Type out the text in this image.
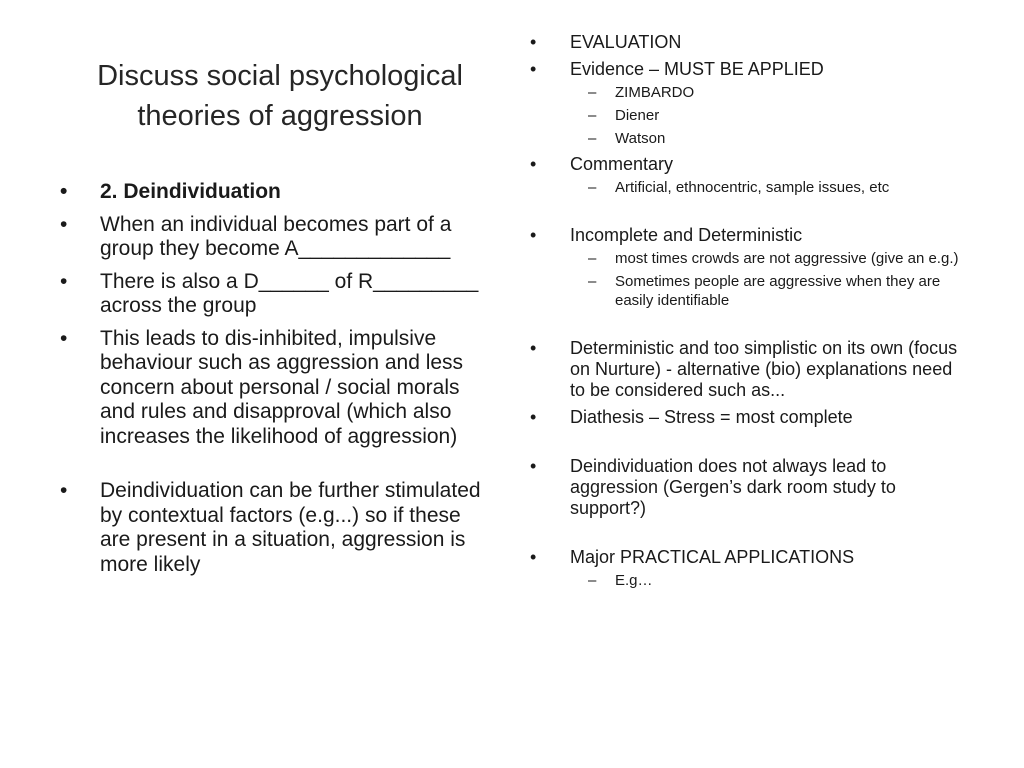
Discuss social psychological theories of aggression
• 2. Deindividuation
• When an individual becomes part of a group they become A_____________
• There is also a D______ of R_________ across the group
• This leads to dis-inhibited, impulsive behaviour such as aggression and less concern about personal / social morals and rules and disapproval (which also increases the likelihood of aggression)
• Deindividuation can be further stimulated by contextual factors (e.g...) so if these are present in a situation, aggression is more likely
• EVALUATION
• Evidence – MUST BE APPLIED
– ZIMBARDO
– Diener
– Watson
• Commentary
– Artificial, ethnocentric, sample issues, etc
• Incomplete and Deterministic
– most times crowds are not aggressive (give an e.g.)
– Sometimes people are aggressive when they are easily identifiable
• Deterministic and too simplistic on its own (focus on Nurture) - alternative (bio) explanations need to be considered such as...
• Diathesis – Stress = most complete
• Deindividuation does not always lead to aggression (Gergen’s dark room study to support?)
• Major PRACTICAL APPLICATIONS
– E.g…
